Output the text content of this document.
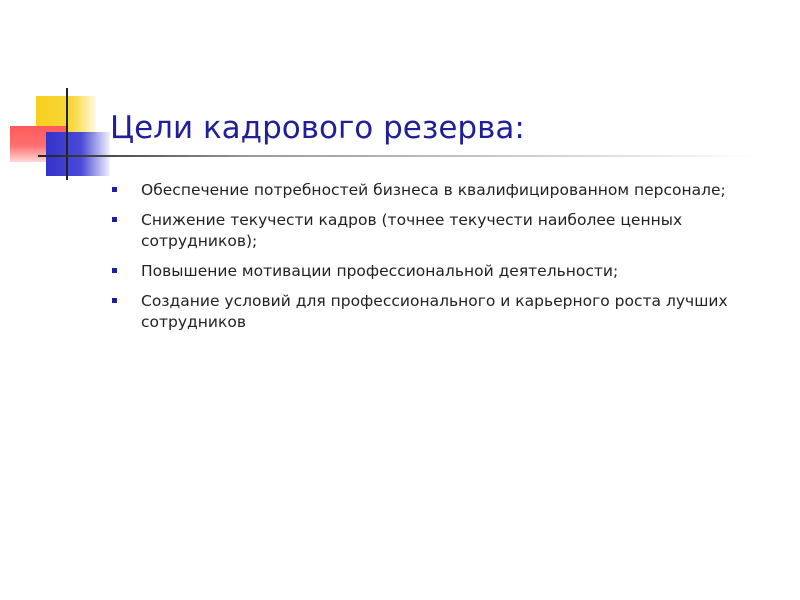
Цели кадрового резерва:
Обеспечение потребностей бизнеса в квалифицированном персонале;
Снижение текучести кадров (точнее текучести наиболее ценных сотрудников);
Повышение мотивации профессиональной деятельности;
Создание условий для профессионального и карьерного роста лучших сотрудников
